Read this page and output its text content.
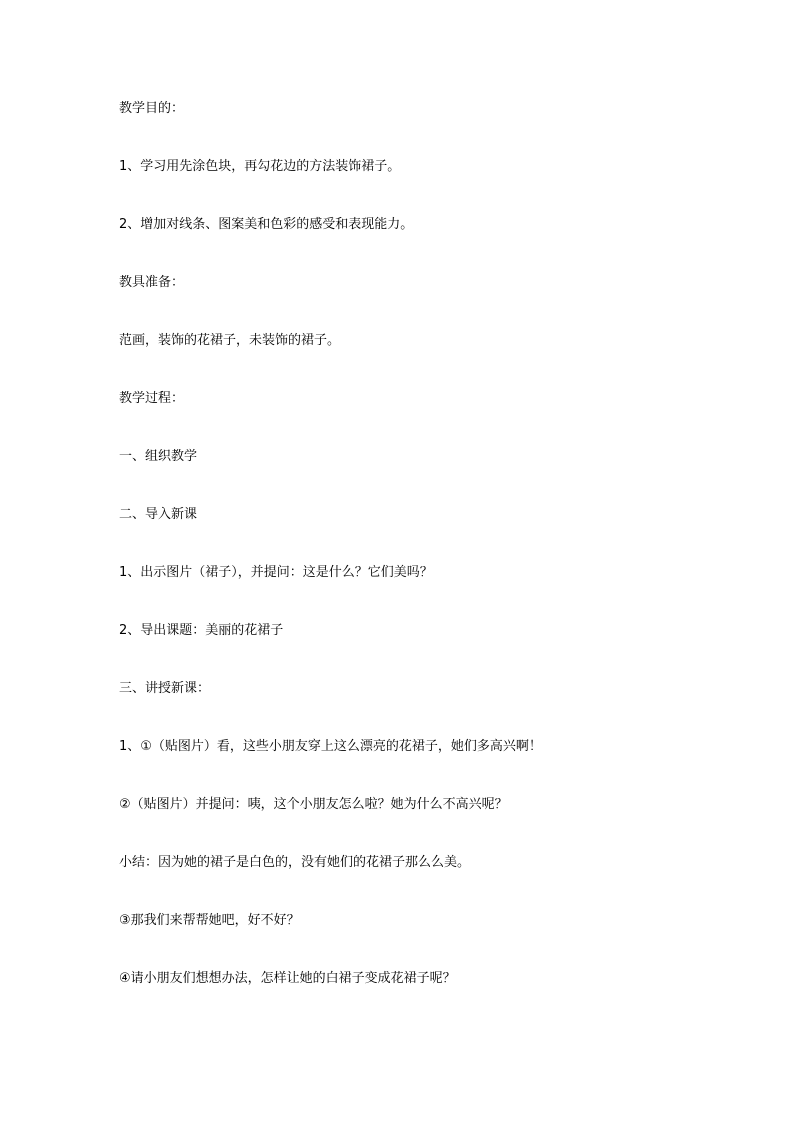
教学目的：

1、学习用先涂色块，再勾花边的方法装饰裙子。

2、增加对线条、图案美和色彩的感受和表现能力。

教具准备：

范画，装饰的花裙子，未装饰的裙子。

教学过程：

一、组织教学

二、导入新课

1、出示图片（裙子），并提问：这是什么？它们美吗？

2、导出课题：美丽的花裙子

三、讲授新课：

1、①（贴图片）看，这些小朋友穿上这么漂亮的花裙子，她们多高兴啊！

②（贴图片）并提问：咦，这个小朋友怎么啦？她为什么不高兴呢？

小结：因为她的裙子是白色的，没有她们的花裙子那么么美。

③那我们来帮帮她吧，好不好？

④请小朋友们想想办法，怎样让她的白裙子变成花裙子呢？
